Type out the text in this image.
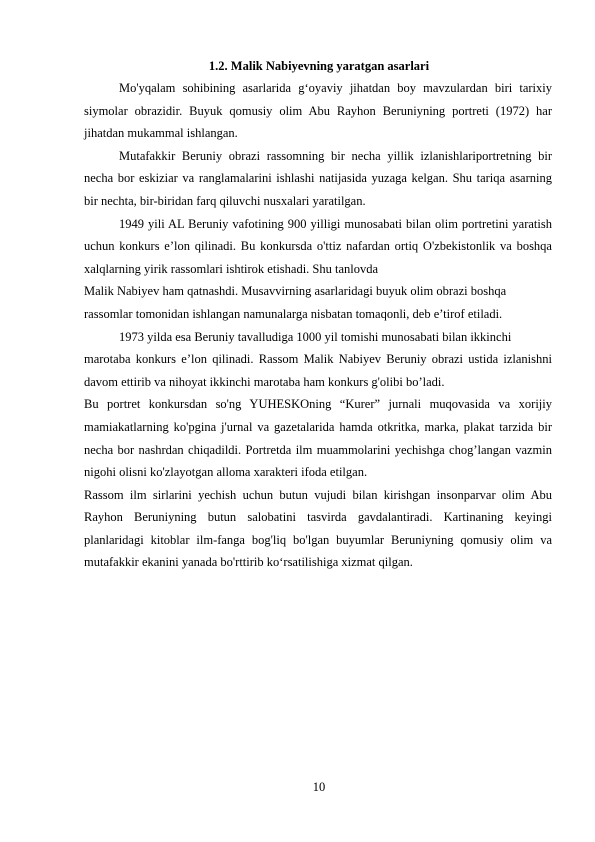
1.2. Malik Nabiyevning yaratgan asarlari

Mo'yqalam sohibining asarlarida g‘oyaviy jihatdan boy mavzulardan biri tarixiy siymolar obrazidir. Buyuk qomusiy olim Abu Rayhon Beruniyning portreti (1972) har jihatdan mukammal ishlangan.

Mutafakkir Beruniy obrazi rassomning bir necha yillik izlanishlariportretning bir necha bor eskiziar va ranglamalarini ishlashi natijasida yuzaga kelgan. Shu tariqa asarning bir nechta, bir-biridan farq qiluvchi nusxalari yaratilgan.

1949 yili AL Beruniy vafotining 900 yilligi munosabati bilan olim portretini yaratish uchun konkurs e’lon qilinadi. Bu konkursda o'ttiz nafardan ortiq O'zbekistonlik va boshqa xalqlarning yirik rassomlari ishtirok etishadi. Shu tanlovda

Malik Nabiyev ham qatnashdi. Musavvirning asarlaridagi buyuk olim obrazi boshqa

rassomlar tomonidan ishlangan namunalarga nisbatan tomaqonli, deb e’tirof etiladi.

1973 yilda esa Beruniy tavalludiga 1000 yil tomishi munosabati bilan ikkinchi

marotaba konkurs e’lon qilinadi. Rassom Malik Nabiyev Beruniy obrazi ustida izlanishni davom ettirib va nihoyat ikkinchi marotaba ham konkurs g'olibi bo’ladi.

Bu portret konkursdan so'ng YUHESKOning “Kurer” jurnali muqovasida va xorijiy mamiakatlarning ko'pgina j'urnal va gazetalarida hamda otkritka, marka, plakat tarzida bir necha bor nashrdan chiqadildi. Portretda ilm muammolarini yechishga chog’langan vazmin nigohi olisni ko'zlayotgan alloma xarakteri ifoda etilgan.

Rassom ilm sirlarini yechish uchun butun vujudi bilan kirishgan insonparvar olim Abu Rayhon Beruniyning butun salobatini tasvirda gavdalantiradi. Kartinaning keyingi planlaridagi kitoblar ilm-fanga bog'liq bo'lgan buyumlar Beruniyning qomusiy olim va mutafakkir ekanini yanada bo'rttirib ko‘rsatilishiga xizmat qilgan.

10
